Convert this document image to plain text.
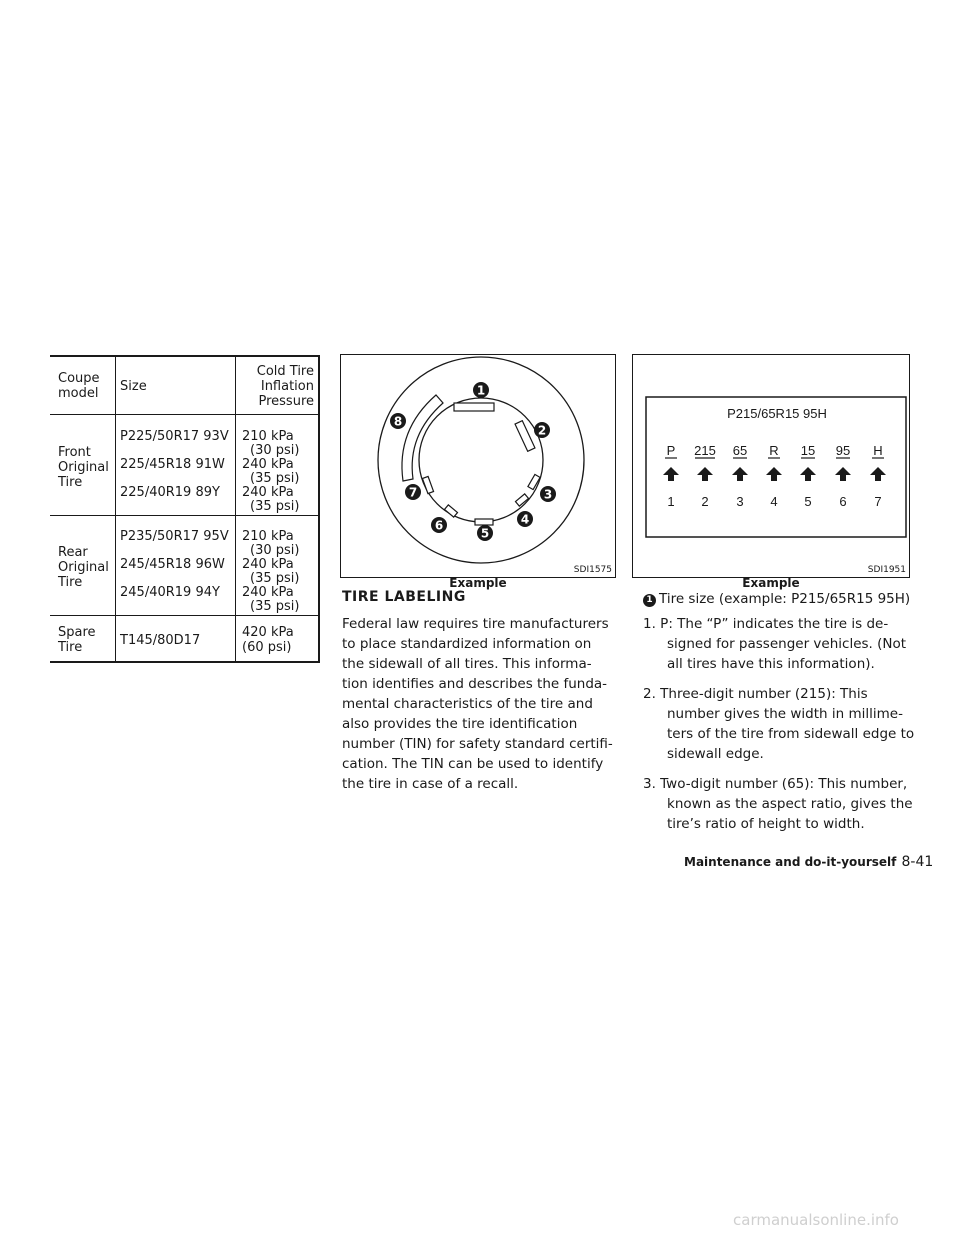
Coupe
model Size
Cold Tire
Inflation
Pressure
Front
Original
Tire
P225/50R17 93V
225/45R18 91W
225/40R19 89Y
210 kPa
(30 psi)
240 kPa
(35 psi)
240 kPa
(35 psi)
Rear
Original
Tire
P235/50R17 95V
245/45R18 96W
245/40R19 94Y
210 kPa
(30 psi)
240 kPa
(35 psi)
240 kPa
(35 psi)
Spare
Tire	T145/80D17
420 kPa
(60 psi)
1
2
3
4
5
6
7
8
SDI1575
Example
P215/65R15 95H
P 215 65 R 15 95 H
1 2 3 4 5 6 7
SDI1951
Example
TIRE LABELING
Federal law requires tire manufacturers
to place standardized information on
the sidewall of all tires. This informa-
tion identifies and describes the funda-
mental characteristics of the tire and
also provides the tire identification
number (TIN) for safety standard certifi-
cation. The TIN can be used to identify
the tire in case of a recall.
1 Tire size (example: P215/65R15 95H)
1. P: The “P” indicates the tire is de-
signed for passenger vehicles. (Not
all tires have this information).
2. Three-digit number (215): This
number gives the width in millime-
ters of the tire from sidewall edge to
sidewall edge.
3. Two-digit number (65): This number,
known as the aspect ratio, gives the
tire’s ratio of height to width.
Maintenance and do-it-yourself 8-41
carmanualsonline.info
